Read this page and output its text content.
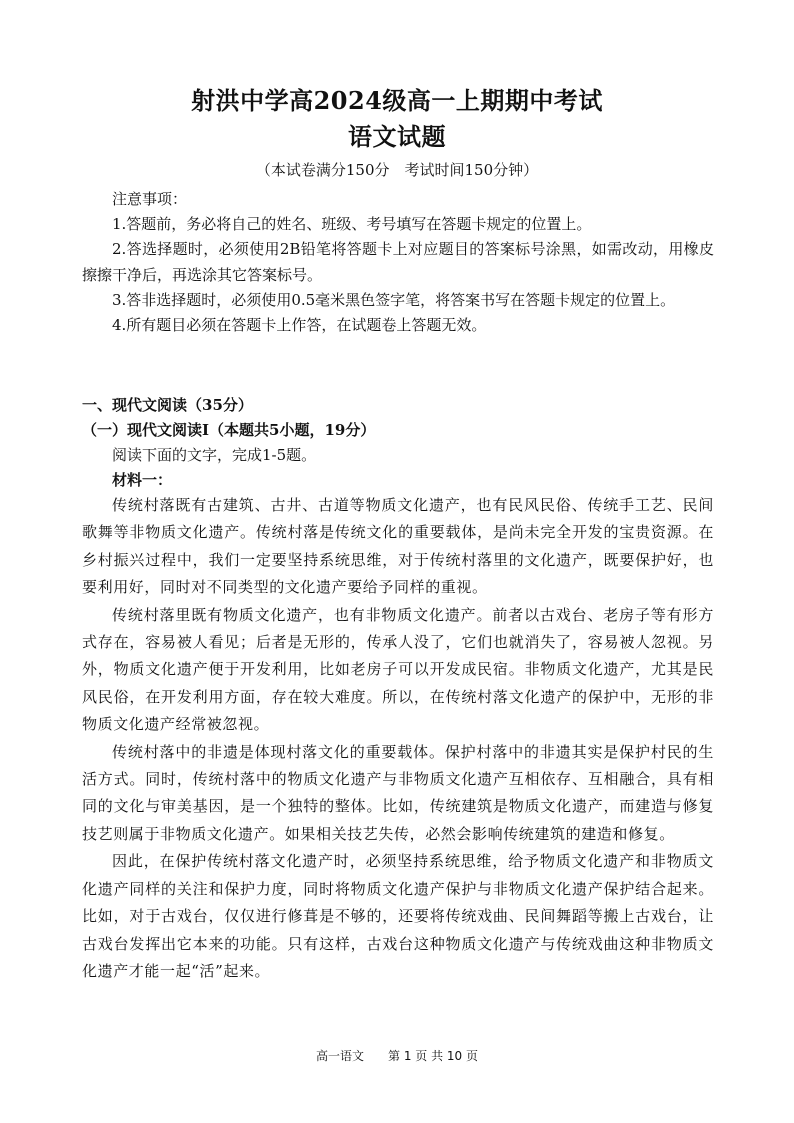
射洪中学高2024级高一上期期中考试
语文试题
（本试卷满分150分　考试时间150分钟）

注意事项：

1.答题前，务必将自己的姓名、班级、考号填写在答题卡规定的位置上。

2.答选择题时，必须使用2B铅笔将答题卡上对应题目的答案标号涂黑，如需改动，用橡皮擦擦干净后，再选涂其它答案标号。

3.答非选择题时，必须使用0.5毫米黑色签字笔，将答案书写在答题卡规定的位置上。

4.所有题目必须在答题卡上作答，在试题卷上答题无效。

一、现代文阅读（35分）
（一）现代文阅读Ⅰ（本题共5小题，19分）
阅读下面的文字，完成1-5题。
材料一：

传统村落既有古建筑、古井、古道等物质文化遗产，也有民风民俗、传统手工艺、民间歌舞等非物质文化遗产。传统村落是传统文化的重要载体，是尚未完全开发的宝贵资源。在乡村振兴过程中，我们一定要坚持系统思维，对于传统村落里的文化遗产，既要保护好，也要利用好，同时对不同类型的文化遗产要给予同样的重视。

传统村落里既有物质文化遗产，也有非物质文化遗产。前者以古戏台、老房子等有形方式存在，容易被人看见；后者是无形的，传承人没了，它们也就消失了，容易被人忽视。另外，物质文化遗产便于开发利用，比如老房子可以开发成民宿。非物质文化遗产，尤其是民风民俗，在开发利用方面，存在较大难度。所以，在传统村落文化遗产的保护中，无形的非物质文化遗产经常被忽视。

传统村落中的非遗是体现村落文化的重要载体。保护村落中的非遗其实是保护村民的生活方式。同时，传统村落中的物质文化遗产与非物质文化遗产互相依存、互相融合，具有相同的文化与审美基因，是一个独特的整体。比如，传统建筑是物质文化遗产，而建造与修复技艺则属于非物质文化遗产。如果相关技艺失传，必然会影响传统建筑的建造和修复。

因此，在保护传统村落文化遗产时，必须坚持系统思维，给予物质文化遗产和非物质文化遗产同样的关注和保护力度，同时将物质文化遗产保护与非物质文化遗产保护结合起来。比如，对于古戏台，仅仅进行修葺是不够的，还要将传统戏曲、民间舞蹈等搬上古戏台，让古戏台发挥出它本来的功能。只有这样，古戏台这种物质文化遗产与传统戏曲这种非物质文化遗产才能一起“活”起来。

高一语文　　第 1 页 共 10 页
